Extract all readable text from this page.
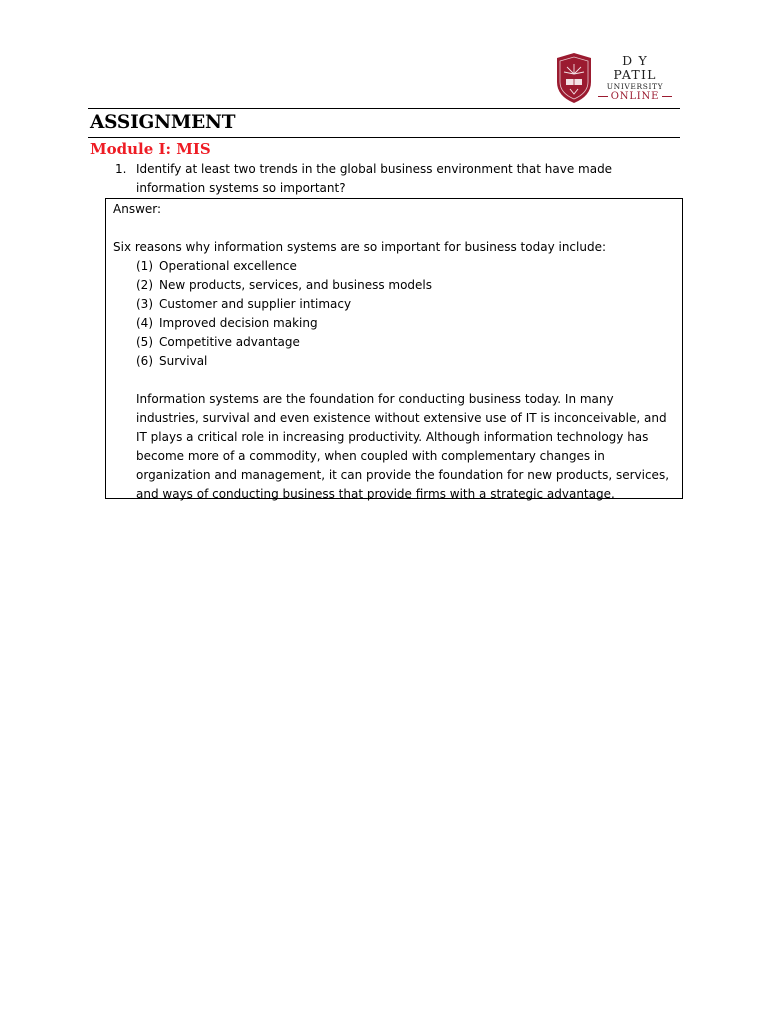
D Y PATIL
UNIVERSITY
ONLINE
ASSIGNMENT
Module I: MIS
1. Identify at least two trends in the global business environment that have made information systems so important?
Answer:
Six reasons why information systems are so important for business today include:
(1) Operational excellence
(2) New products, services, and business models
(3) Customer and supplier intimacy
(4) Improved decision making
(5) Competitive advantage
(6) Survival
Information systems are the foundation for conducting business today. In many
industries, survival and even existence without extensive use of IT is inconceivable, and
IT plays a critical role in increasing productivity. Although information technology has
become more of a commodity, when coupled with complementary changes in
organization and management, it can provide the foundation for new products, services,
and ways of conducting business that provide firms with a strategic advantage.
